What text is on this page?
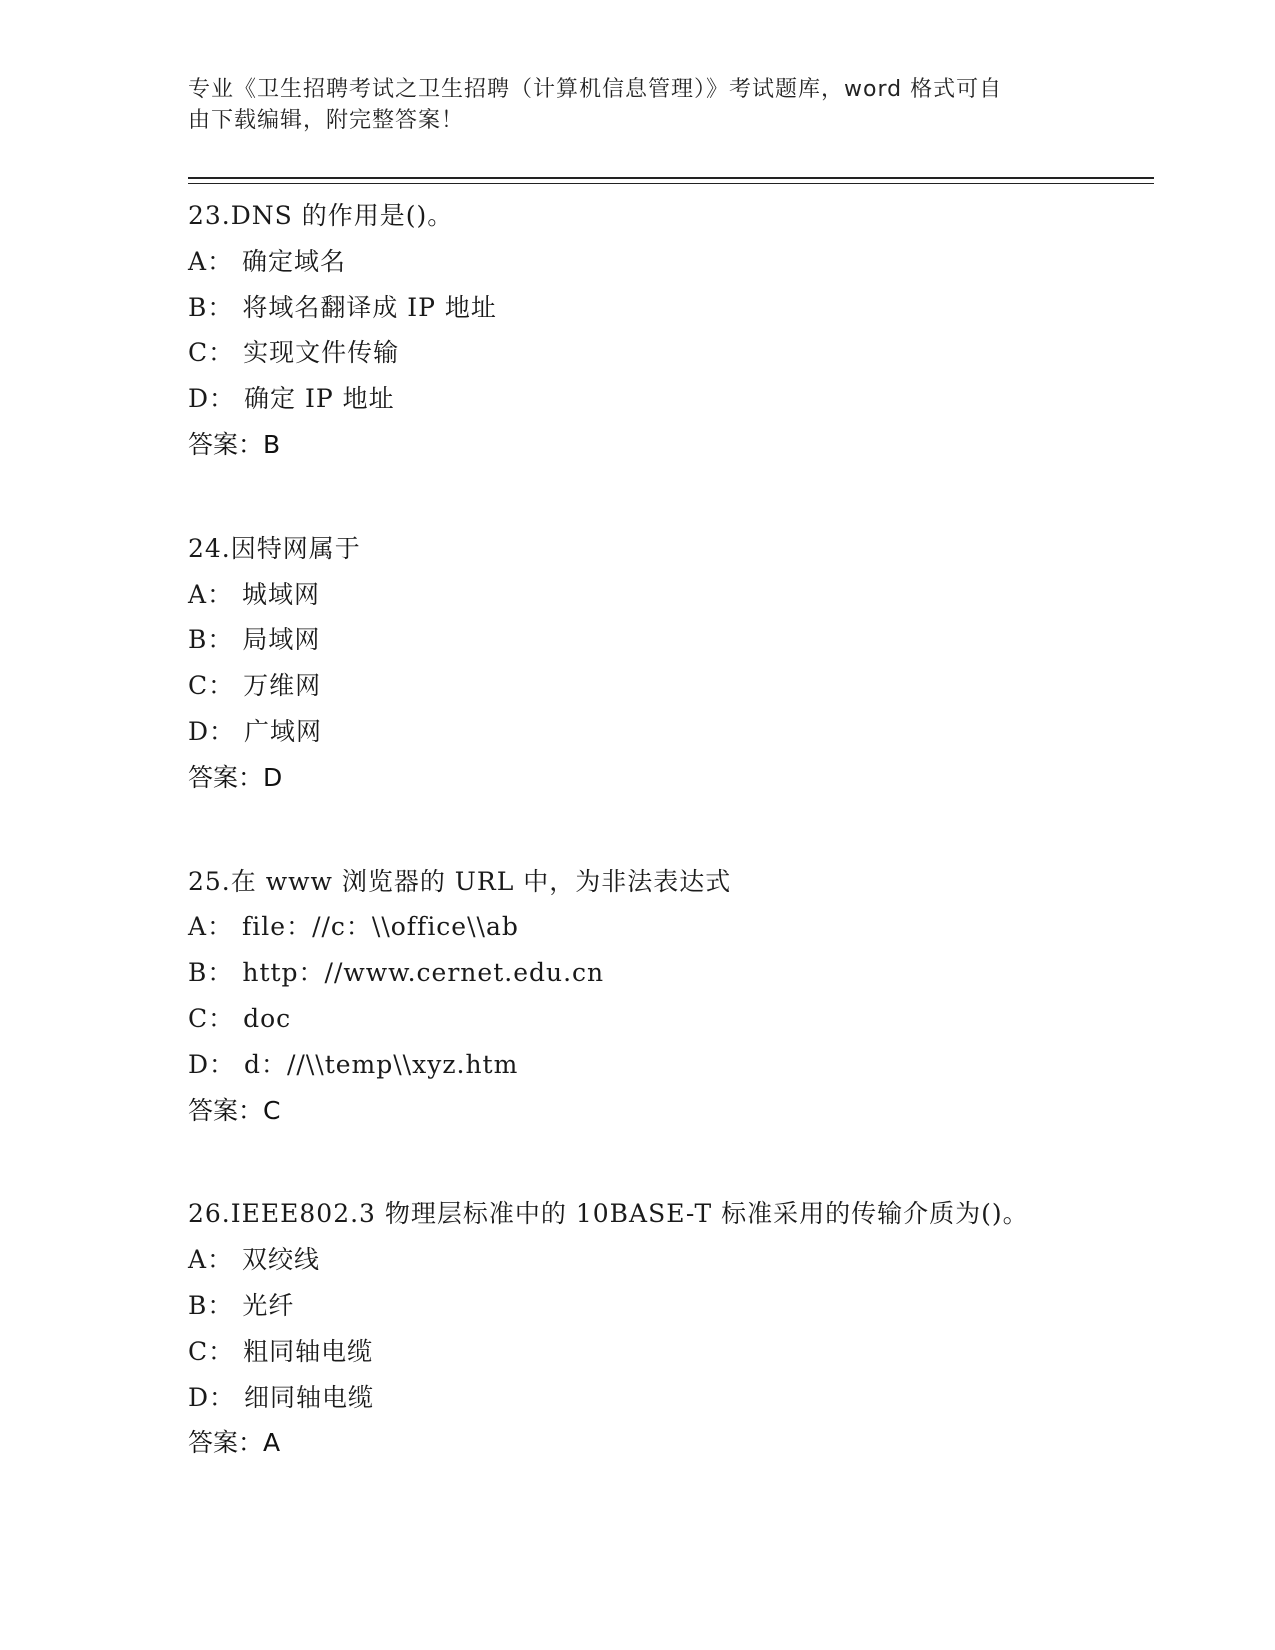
专业《卫生招聘考试之卫生招聘（计算机信息管理）》考试题库，word 格式可自
由下载编辑，附完整答案！
23.DNS 的作用是()。
A： 确定域名
B： 将域名翻译成 IP 地址
C： 实现文件传输
D： 确定 IP 地址
答案：B
24.因特网属于
A： 城域网
B： 局域网
C： 万维网
D： 广域网
答案：D
25.在 www 浏览器的 URL 中，为非法表达式
A： file：//c：\\office\\ab
B： http：//www.cernet.edu.cn
C： doc
D： d：//\\temp\\xyz.htm
答案：C
26.IEEE802.3 物理层标准中的 10BASE-T 标准采用的传输介质为()。
A： 双绞线
B： 光纤
C： 粗同轴电缆
D： 细同轴电缆
答案：A
